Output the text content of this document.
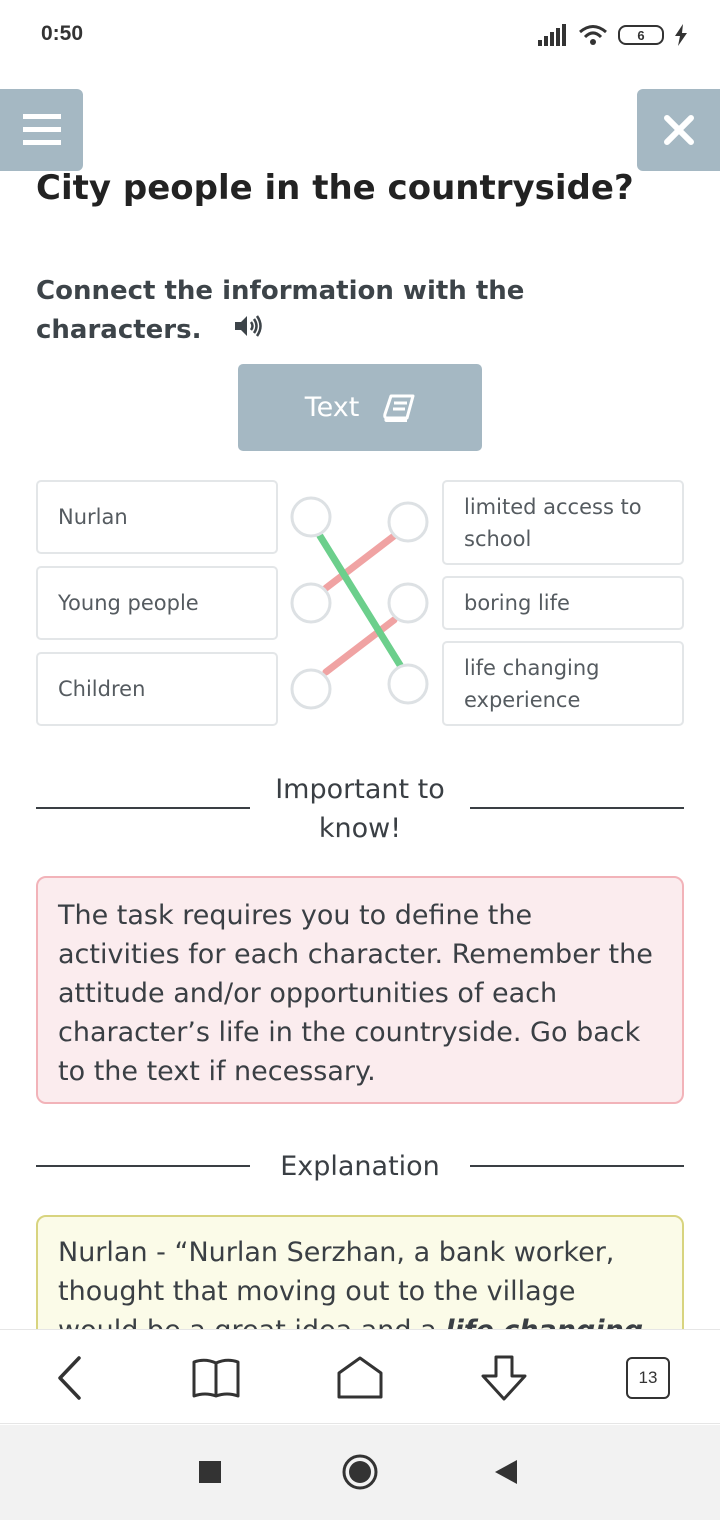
0:50	6
City people in the countryside?
Connect the information with the characters.
Text
Nurlan
Young people
Children
limited access to school
boring life
life changing experience
Important to know!
The task requires you to define the activities for each character. Remember the attitude and/or opportunities of each character’s life in the countryside. Go back to the text if necessary.
Explanation
Nurlan - “Nurlan Serzhan, a bank worker, thought that moving out to the village
13
